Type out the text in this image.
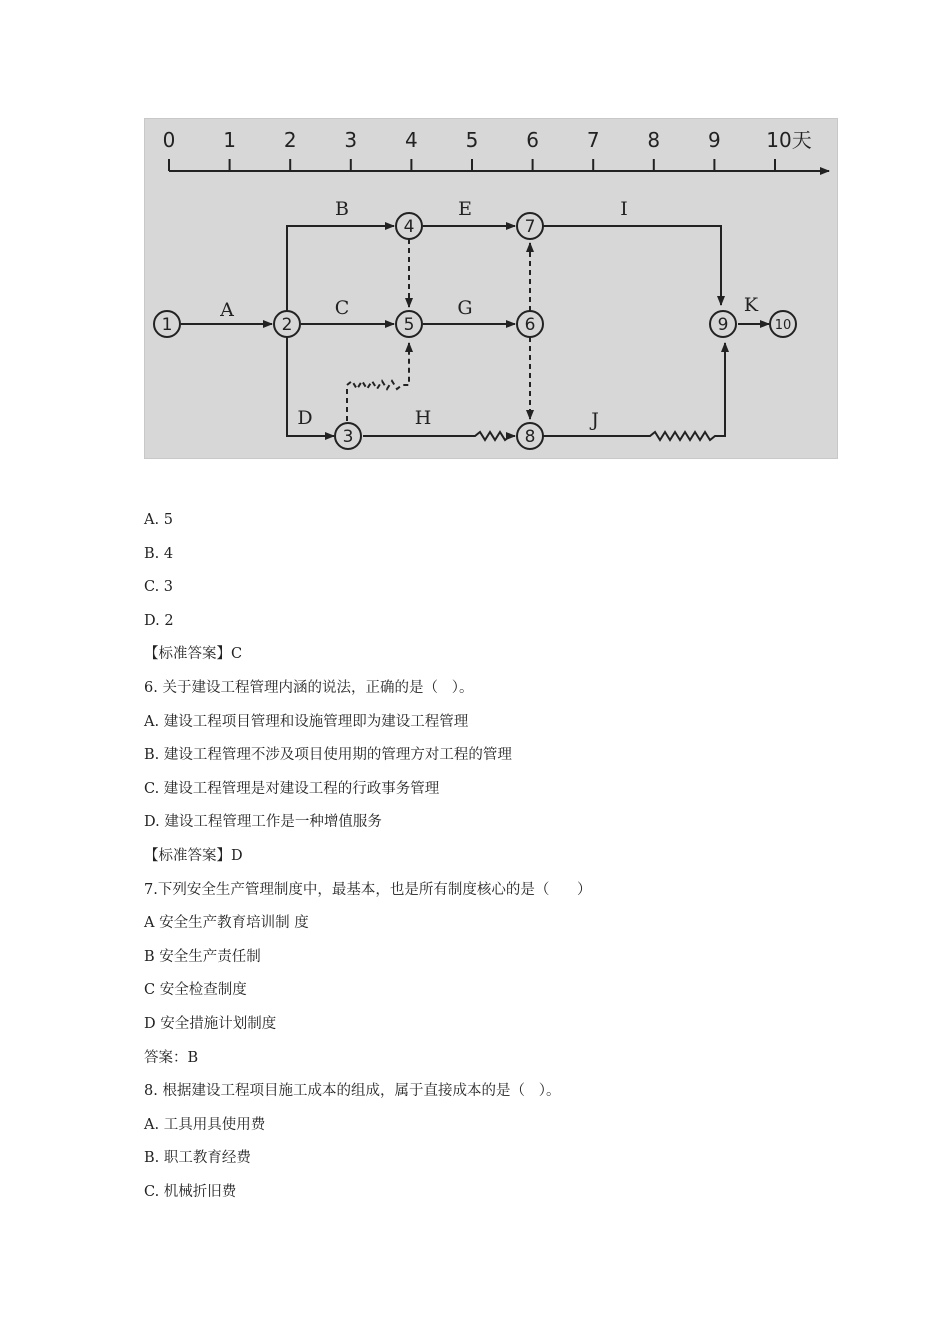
0 1 2 3 4 5 6 7 8 9 10天
A
B
C
D
E
G
H
I
J
K
1	2
3
4
5	6
7
8
9	10
A. 5
B. 4
C. 3
D. 2
【标准答案】C
6. 关于建设工程管理内涵的说法，正确的是（   ）。
A. 建设工程项目管理和设施管理即为建设工程管理
B. 建设工程管理不涉及项目使用期的管理方对工程的管理
C. 建设工程管理是对建设工程的行政事务管理
D. 建设工程管理工作是一种增值服务
【标准答案】D
7.下列安全生产管理制度中，最基本，也是所有制度核心的是（      ）
A 安全生产教育培训制 度
B 安全生产责任制
C 安全检查制度
D 安全措施计划制度
答案：B
8. 根据建设工程项目施工成本的组成，属于直接成本的是（   ）。
A. 工具用具使用费
B. 职工教育经费
C. 机械折旧费
